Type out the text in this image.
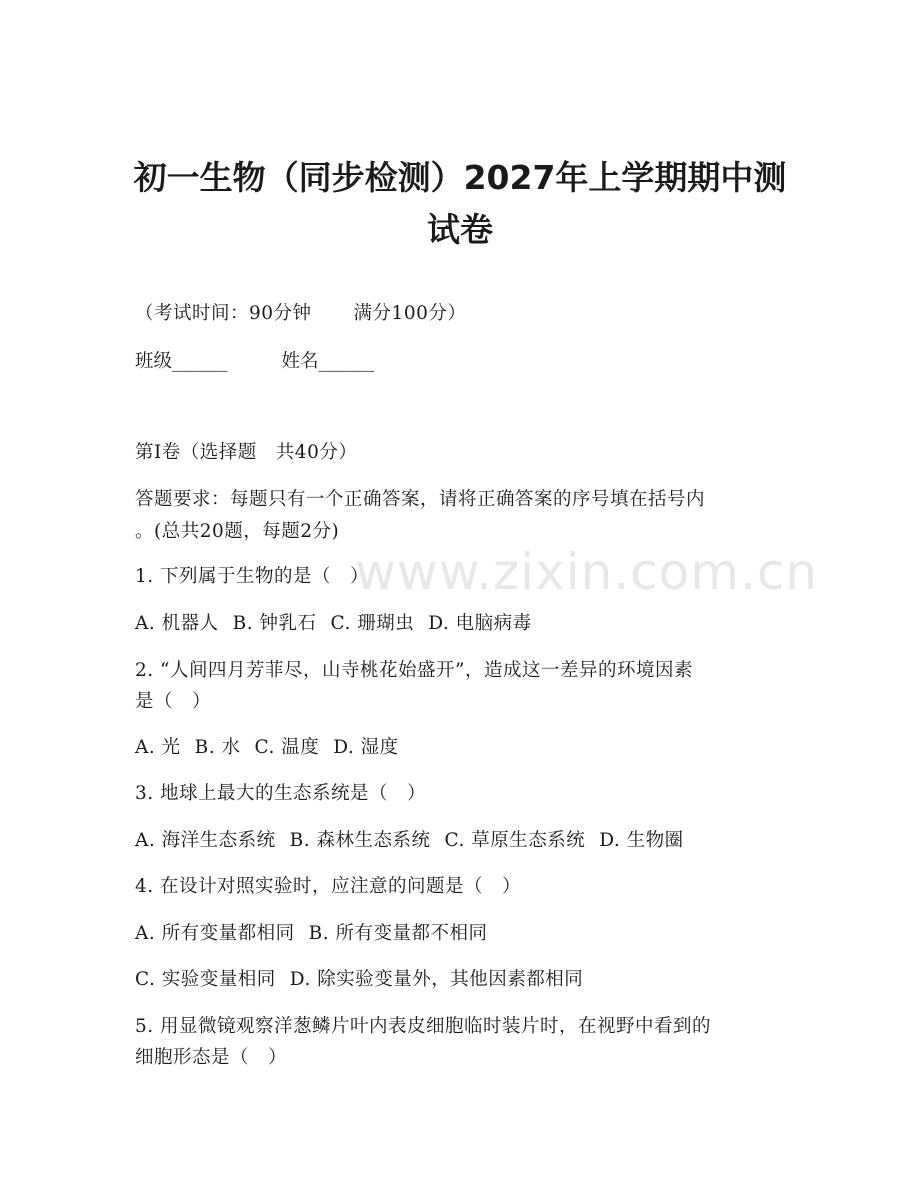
初一生物（同步检测）2027年上学期期中测
试卷
（考试时间：90分钟 满分100分）
班级______	姓名______
第I卷（选择题　共40分）
答题要求：每题只有一个正确答案，请将正确答案的序号填在括号内
。(总共20题，每题2分)
1. 下列属于生物的是（　）
A. 机器人 B. 钟乳石 C. 珊瑚虫 D. 电脑病毒
2. “人间四月芳菲尽，山寺桃花始盛开”，造成这一差异的环境因素
是（　）
A. 光 B. 水 C. 温度 D. 湿度
3. 地球上最大的生态系统是（　）
A. 海洋生态系统 B. 森林生态系统 C. 草原生态系统 D. 生物圈
4. 在设计对照实验时，应注意的问题是（　）
A. 所有变量都相同 B. 所有变量都不相同
C. 实验变量相同 D. 除实验变量外，其他因素都相同
5. 用显微镜观察洋葱鳞片叶内表皮细胞临时装片时，在视野中看到的
细胞形态是（　）
www.zixin.com.cn
